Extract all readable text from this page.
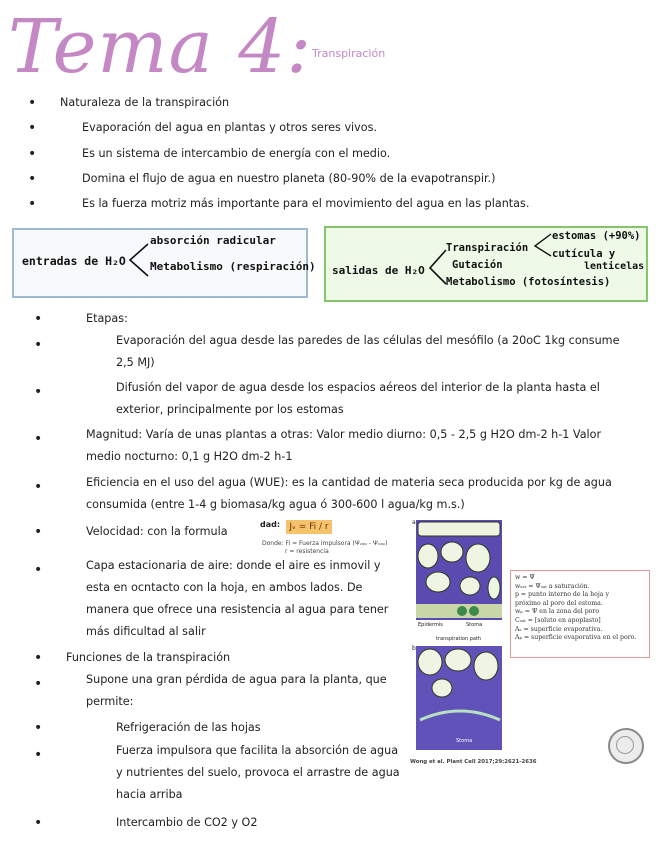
Tema 4: Transpiración
• Naturaleza de la transpiración
•	Evaporación del agua en plantas y otros seres vivos.
•	Es un sistema de intercambio de energía con el medio.
•	Domina el flujo de agua en nuestro planeta (80-90% de la evapotranspir.)
•	Es la fuerza motriz más importante para el movimiento del agua en las plantas.
entradas de H₂O
absorción radicular
Metabolismo (respiración) salidas de H₂O
Transpiración
Gutación
Metabolismo (fotosíntesis)
estomas (+90%)
cutícula y
lenticelas
•	Etapas:
•	Evaporación del agua desde las paredes de las células del mesófilo (a 20oC 1kg consume 2,5 MJ)
•	Difusión del vapor de agua desde los espacios aéreos del interior de la planta hasta el exterior, principalmente por los estomas
•	Magnitud: Varía de unas plantas a otras: Valor medio diurno: 0,5 - 2,5 g H2O dm-2 h-1 Valor medio nocturno: 0,1 g H2O dm-2 h-1
•	Eficiencia en el uso del agua (WUE): es la cantidad de materia seca producida por kg de agua consumida (entre 1-4 g biomasa/kg agua ó 300-600 l agua/kg m.s.)
•	Velocidad: con la formula
dad:	Jᵥ = Fi / r
Donde: Fi = Fuerza impulsora (Ψᵥₐₚ - Ψᵥₐₚ)
r = resistencia
•	Capa estacionaria de aire: donde el aire es inmovil y esta en ocntacto con la hoja, en ambos lados. De manera que ofrece una resistencia al agua para tener más dificultad al salir
• Funciones de la transpiración
•	Supone una gran pérdida de agua para la planta, que permite:
•	Refrigeración de las hojas
•	Fuerza impulsora que facilita la absorción de agua y nutrientes del suelo, provoca el arrastre de agua hacia arriba
•	Intercambio de CO2 y O2
Epidermis	Stoma
transpiration path
a
b
Stoma
Wong et al. Plant Cell 2017;29:2621-2636
w = Ψ
wₛₐₜ = Ψₛₐₜ a saturación.
p = punto interno de la hoja y
próximo al poro del estoma.
wₚ = Ψ en la zona del poro
Cₛₐₜ = [soluto en apoplasto]
Aₛ = superficie evaporativa.
Aₚ = superficie evaporativa en el poro.
